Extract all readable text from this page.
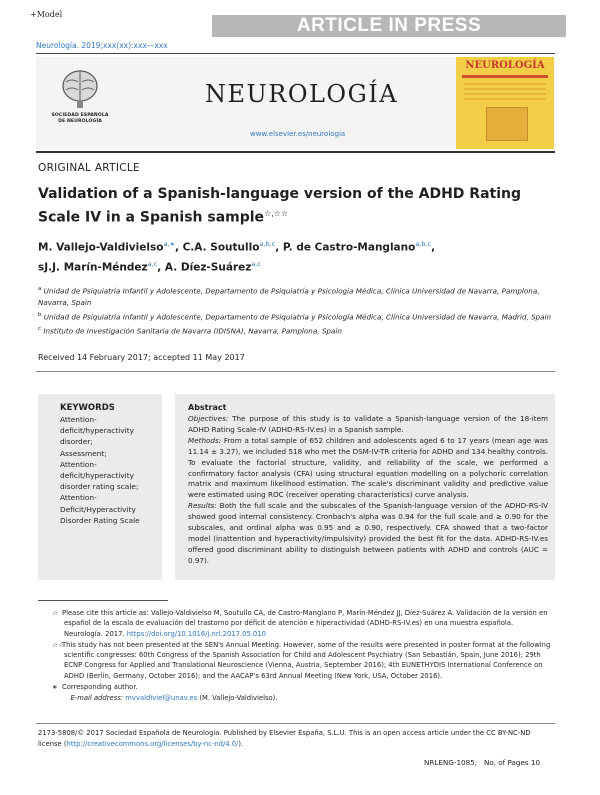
+Model
ARTICLE IN PRESS
Neurología. 2019;xxx(xx):xxx—xxx
SOCIEDAD ESPAÑOLA
DE NEUROLOGÍA
NEUROLOGÍA
www.elsevier.es/neurologia
NEUROLOGÍA
ORIGINAL ARTICLE
Validation of a Spanish-language version of the ADHD Rating Scale IV in a Spanish sample☆,☆☆
M. Vallejo-Valdivielso$^{a,∗}$, C.A. Soutullo$^{a,b,c}$, P. de Castro-Manglano$^{a,b,c}$,
sJ.J. Marín-Méndez$^{a,c}$, A. Díez-Suárez$^{a,c}$
$^a$ Unidad de Psiquiatría Infantil y Adolescente, Departamento de Psiquiatría y Psicología Médica, Clínica Universidad de Navarra, Pamplona, Navarra, Spain
$^b$ Unidad de Psiquiatría Infantil y Adolescente, Departamento de Psiquiatría y Psicología Médica, Clínica Universidad de Navarra, Madrid, Spain
$^c$ Instituto de Investigación Sanitaria de Navarra (IDISNA), Navarra, Pamplona, Spain
Received 14 February 2017; accepted 11 May 2017
KEYWORDS
Attention-deficit/hyperactivity disorder;
Assessment;
Attention-deficit/hyperactivity disorder rating scale;
Attention-Deficit/Hyperactivity Disorder Rating Scale
Abstract

Objectives: The purpose of this study is to validate a Spanish-language version of the 18-item ADHD Rating Scale-IV (ADHD-RS-IV.es) in a Spanish sample.

Methods: From a total sample of 652 children and adolescents aged 6 to 17 years (mean age was 11.14 ± 3.27), we included 518 who met the DSM-IV-TR criteria for ADHD and 134 healthy controls. To evaluate the factorial structure, validity, and reliability of the scale, we performed a confirmatory factor analysis (CFA) using structural equation modelling on a polychoric correlation matrix and maximum likelihood estimation. The scale's discriminant validity and predictive value were estimated using ROC (receiver operating characteristics) curve analysis.

Results: Both the full scale and the subscales of the Spanish-language version of the ADHD-RS-IV showed good internal consistency. Cronbach's alpha was 0.94 for the full scale and ≥ 0.90 for the subscales, and ordinal alpha was 0.95 and ≥ 0.90, respectively. CFA showed that a two-factor model (inattention and hyperactivity/impulsivity) provided the best fit for the data. ADHD-RS-IV.es offered good discriminant ability to distinguish between patients with ADHD and controls (AUC = 0.97).

☆ Please cite this article as: Vallejo-Valdivielso M, Soutullo CA, de Castro-Manglano P, Marín-Méndez JJ, Díez-Suárez A. Validación de la versión en español de la escala de evaluación del trastorno por déficit de atención e hiperactividad (ADHD-RS-IV.es) en una muestra española. Neurología. 2017. https://doi.org/10.1016/j.nrl.2017.05.010

☆☆This study has not been presented at the SEN's Annual Meeting. However, some of the results were presented in poster format at the following scientific congresses: 60th Congress of the Spanish Association for Child and Adolescent Psychiatry (San Sebastián, Spain, June 2016); 29th ECNP Congress for Applied and Translational Neuroscience (Vienna, Austria, September 2016); 4th EUNETHYDIS International Conference on ADHD (Berlin, Germany, October 2016); and the AACAP's 63rd Annual Meeting (New York, USA, October 2016).

∗ Corresponding author.

E-mail address: mvvaldiviel@unav.es (M. Vallejo-Valdivielso).

2173-5808/© 2017 Sociedad Española de Neurología. Published by Elsevier España, S.L.U. This is an open access article under the CC BY-NC-ND license (http://creativecommons.org/licenses/by-nc-nd/4.0/).
NRLENG-1085; No. of Pages 10
